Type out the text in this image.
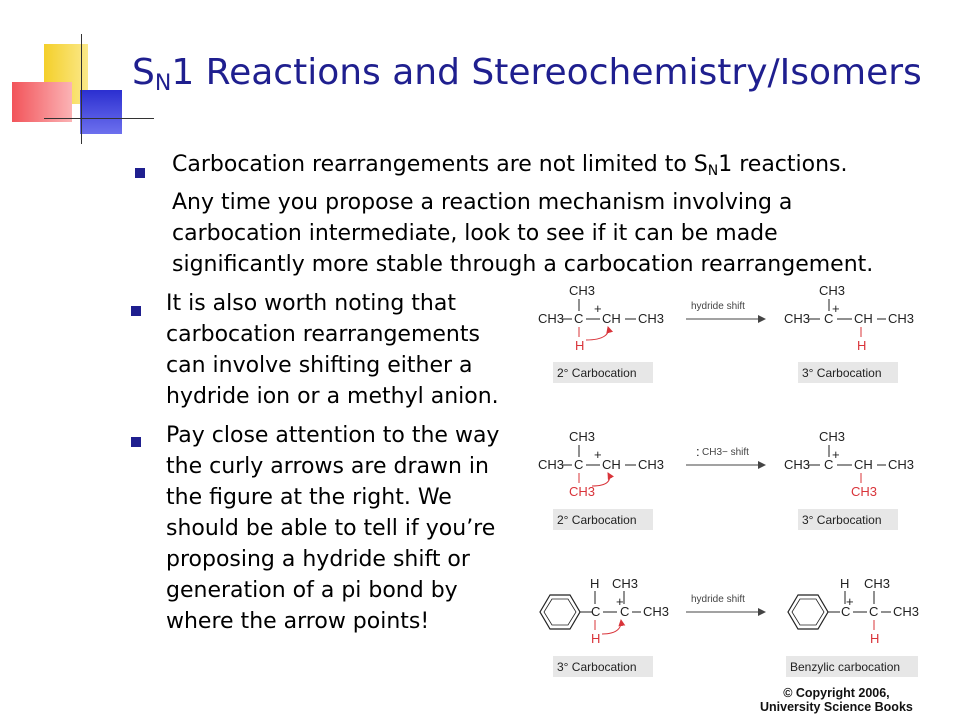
$S_N1$ Reactions and Stereochemistry/Isomers
Carbocation rearrangements are not limited to $S_N1$ reactions.
Any time you propose a reaction mechanism involving a
carbocation intermediate, look to see if it can be made
significantly more stable through a carbocation rearrangement.
It is also worth noting that
carbocation rearrangements
can involve shifting either a
hydride ion or a methyl anion.
Pay close attention to the way
the curly arrows are drawn in
the figure at the right. We
should be able to tell if you’re
proposing a hydride shift or
generation of a pi bond by
where the arrow points!
CH3
CH3 C
+
CH CH3
H
hydride shift
CH3
CH3 C
+
CH CH3
H
2° Carbocation	3° Carbocation
CH3
CH3 C
+
CH CH3
CH3
: CH3− shift
CH3
CH3 C
+
CH CH3
CH3
2° Carbocation	3° Carbocation
H CH3
C C
+
CH3
H
hydride shift
H CH3
C
+
C CH3
H
3° Carbocation	Benzylic carbocation
© Copyright 2006,
University Science Books
